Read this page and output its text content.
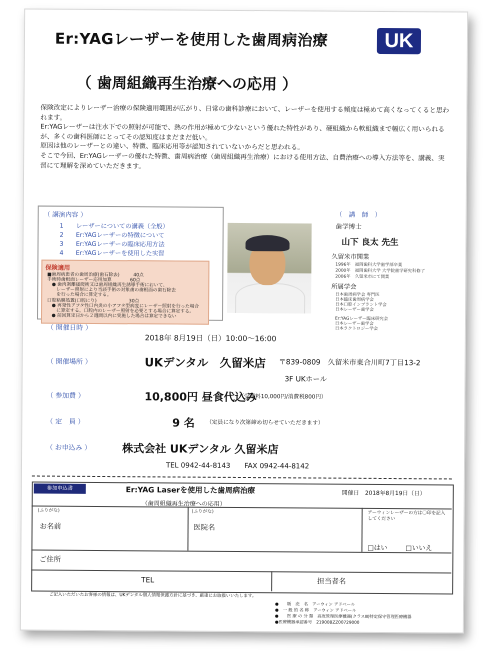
Er:YAGレーザーを使用した歯周病治療	UK
（ 歯周組織再生治療への応用 ）
保険改定によりレーザー治療の保険適用範囲が広がり、日常の歯科診療において、レーザーを使用する頻度は極めて高くなってくると思われます。
Er:YAGレーザーは注水下での照射が可能で、熱の作用が極めて少ないという優れた特性があり、硬組織から軟組織まで幅広く用いられるが、多くの歯科医師にとってその認知度はまだまだ低い。
原因は他のレーザーとの違い、特徴、臨床応用等が認知されていないからだと思われる。
そこで今回、Er:YAGレーザーの優れた特徴、歯周病治療（歯周組織再生治療）における使用方法、自費治療への導入方法等を、講義、実習にて理解を深めていただきます。
（ 講演内容 ）
1　　レーザーについての講義（全般）
2　　Er:YAGレーザーの特徴について
3　　Er:YAGレーザーの臨床応用方法
4　　Er:YAGレーザーを使用した实習
保険適用
■歯周病患者の歯周治療(歯石除去)　　　40点
手術時歯根面レーザー応用加算　　　　60点
　● 歯肉剥離搔爬術又は歯周組織再生誘導手術において、
　　レーザー照射により当該手術の対象歯の歯根面の歯石除去
　　を行った場合に算定する。
口腔粘膜処置(口腔にり)　　　　　　　30点
　● 再発性アフタ性口内炎の小アフタ型病変にレーザー照射を行った場合
　　に算定する。口腔内のレーザー照射を必要とする場合に算定する。
　● 前回算定日から２週間以内に実施した場合は算定できない
（　講　師　）
歯学博士
山下 良太 先生
久留米市開業
1996年　福岡歯科大学歯学部卒業
2000年　福岡歯科大学 大学院歯学研究科修了
2006年　久留米市にて開業
所属学会
日本歯周病学会 専門医
日本臨床歯周病学会
日本口腔インプラント学会
日本レーザー歯学会
Er:YAGレーザー臨床研究会
日本レーザー歯学会
日本ラクトロジー学会
（ 開催日時 ）
2018年 8月19日（日）10:00～16:00
（ 開催場所 ）	UKデンタル　久留米店 〒839-0809　久留米市東合川町7丁目13-2
3F UKホール
（ 参加費 ）	10,800円 昼食代込み
（受講料10,000円/消費税800円）
（ 定　員 ）	9 名 （定員になり次第締め切らせていただきます）
（ お申込み ）	株式会社 UKデンタル 久留米店
TEL 0942-44-8143　　FAX 0942-44-8142
参加申込書	Er:YAG Laserを使用した歯周病治療	開催日　2018年8月19日（日）
（歯周組織再生治療への応用）
(ふりがな)
お名前
(ふりがな)
医院名
アーウィンレーザーの方は〇印を記入してください
□はい	□いいえ
ご住所
TEL	担当者名
ご記入いただいたお客様の情報は、UKデンタル個人情報保護方針に基づき、厳重にお取扱いいたします。
●　　販　売　名　アーウィン アドベール
●　一 般 的 名 称　アーウィン アドベール
●　　医 療 の 分 類　高度管理医療機器(クラスⅢ)特定保守管理医療機器
●医療機器承認番号　21900BZZ00729000
